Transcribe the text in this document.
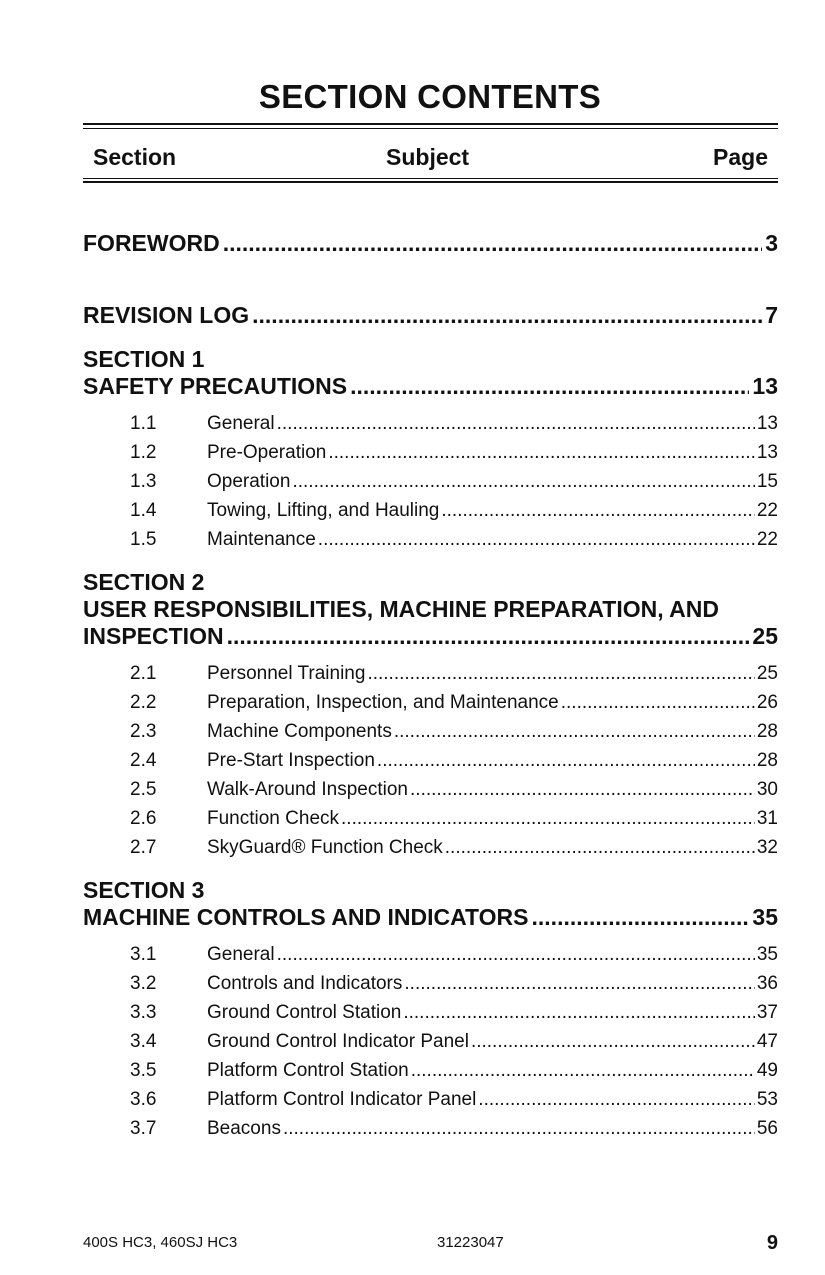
SECTION CONTENTS
Section	Subject	Page
FOREWORD .....	3
REVISION LOG .....	7
SECTION 1
SAFETY PRECAUTIONS .....	13
1.1	General .....	13
1.2	Pre-Operation .....	13
1.3	Operation .....	15
1.4	Towing, Lifting, and Hauling .....	22
1.5	Maintenance .....	22
SECTION 2
USER RESPONSIBILITIES, MACHINE PREPARATION, AND
INSPECTION .....	25
2.1	Personnel Training .....	25
2.2	Preparation, Inspection, and Maintenance .....	26
2.3	Machine Components .....	28
2.4	Pre-Start Inspection .....	28
2.5	Walk-Around Inspection .....	30
2.6	Function Check .....	31
2.7	SkyGuard® Function Check .....	32
SECTION 3
MACHINE CONTROLS AND INDICATORS .....	35
3.1	General .....	35
3.2	Controls and Indicators .....	36
3.3	Ground Control Station .....	37
3.4	Ground Control Indicator Panel .....	47
3.5	Platform Control Station .....	49
3.6	Platform Control Indicator Panel .....	53
3.7	Beacons .....	56
400S HC3, 460SJ HC3	31223047	9
